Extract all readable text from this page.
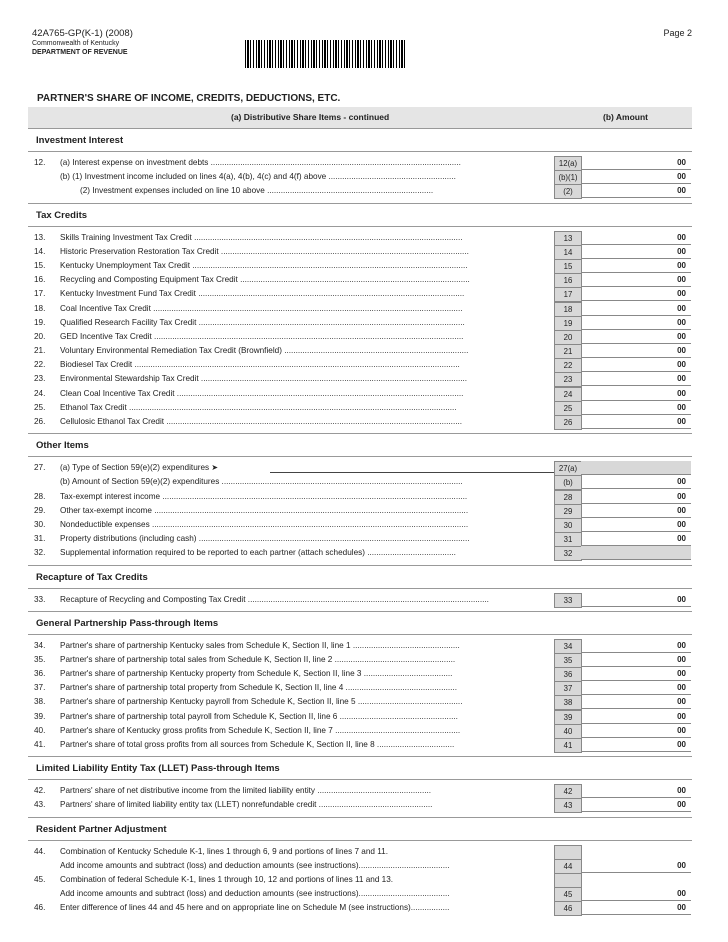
42A765-GP(K-1) (2008)
Commonwealth of Kentucky
DEPARTMENT OF REVENUE
Page 2
PARTNER'S SHARE OF INCOME, CREDITS, DEDUCTIONS, ETC.
(a) Distributive Share Items - continued	(b) Amount
Investment Interest
12. (a) Interest expense on investment debts ..............................................................................................................	12(a)	00
(b) (1) Investment income included on lines 4(a), 4(b), 4(c) and 4(f) above ........................................................	(b)(1)	00
(2) Investment expenses included on line 10 above .........................................................................	(2)	00
Tax Credits
13. Skills Training Investment Tax Credit ......................................................................................................................	13	00
14. Historic Preservation Restoration Tax Credit .............................................................................................................	14	00
15. Kentucky Unemployment Tax Credit .........................................................................................................................	15	00
16. Recycling and Composting Equipment Tax Credit .....................................................................................................	16	00
17. Kentucky Investment Fund Tax Credit .....................................................................................................................	17	00
18. Coal Incentive Tax Credit ........................................................................................................................................	18	00
19. Qualified Research Facility Tax Credit .....................................................................................................................	19	00
20. GED Incentive Tax Credit ........................................................................................................................................	20	00
21. Voluntary Environmental Remediation Tax Credit (Brownfield) .................................................................................	21	00
22. Biodiesel Tax Credit ...............................................................................................................................................	22	00
23. Environmental Stewardship Tax Credit .....................................................................................................................	23	00
24. Clean Coal Incentive Tax Credit ..............................................................................................................................	24	00
25. Ethanol Tax Credit ................................................................................................................................................	25	00
26. Cellulosic Ethanol Tax Credit ..................................................................................................................................	26	00
Other Items
27. (a) Type of Section 59(e)(2) expenditures ➤	27(a)
(b) Amount of Section 59(e)(2) expenditures ..........................................................................................................	(b)	00
28. Tax-exempt interest income ......................................................................................................................................	28	00
29. Other tax-exempt income ..........................................................................................................................................	29	00
30. Nondeductible expenses ...........................................................................................................................................	30	00
31. Property distributions (including cash) .......................................................................................................................	31	00
32. Supplemental information required to be reported to each partner (attach schedules) .......................................	32
Recapture of Tax Credits
33. Recapture of Recycling and Composting Tax Credit ..........................................................................................................	33	00
General Partnership Pass-through Items
34. Partner's share of partnership Kentucky sales from Schedule K, Section II, line 1 ...............................................	34	00
35. Partner's share of partnership total sales from Schedule K, Section II, line 2 .....................................................	35	00
36. Partner's share of partnership Kentucky property from Schedule K, Section II, line 3 .......................................	36	00
37. Partner's share of partnership total property from Schedule K, Section II, line 4 .................................................	37	00
38. Partner's share of partnership Kentucky payroll from Schedule K, Section II, line 5 ..............................................	38	00
39. Partner's share of partnership total payroll from Schedule K, Section II, line 6 ....................................................	39	00
40. Partner's share of Kentucky gross profits from Schedule K, Section II, line 7 .......................................................	40	00
41. Partner's share of total gross profits from all sources from Schedule K, Section II, line 8 ..................................	41	00
Limited Liability Entity Tax (LLET) Pass-through Items
42. Partners' share of net distributive income from the limited liability entity ..................................................	42	00
43. Partners' share of limited liability entity tax (LLET) nonrefundable credit ..................................................	43	00
Resident Partner Adjustment
44. Combination of Kentucky Schedule K-1, lines 1 through 6, 9 and portions of lines 7 and 11.
Add income amounts and subtract (loss) and deduction amounts (see instructions)........................................	44	00
45. Combination of federal Schedule K-1, lines 1 through 10, 12 and portions of lines 11 and 13.
Add income amounts and subtract (loss) and deduction amounts (see instructions)........................................	45	00
46. Enter difference of lines 44 and 45 here and on appropriate line on Schedule M (see instructions).................	46	00
